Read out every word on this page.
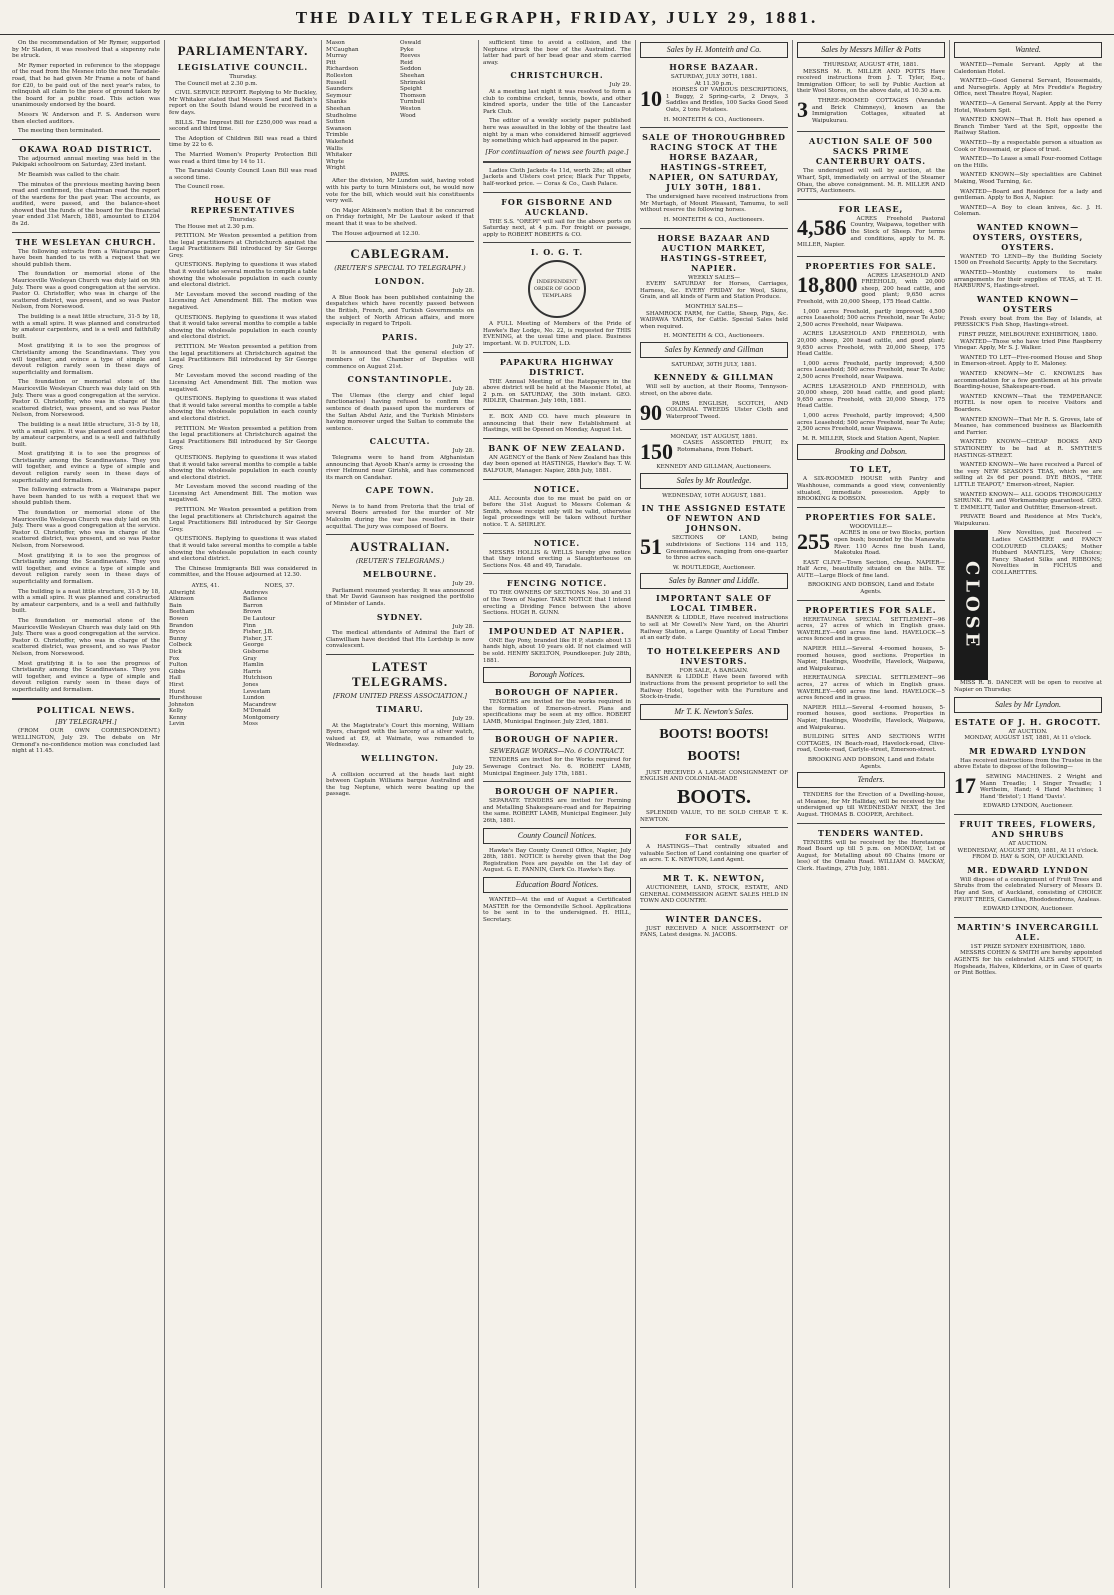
THE DAILY TELEGRAPH, FRIDAY, JULY 29, 1881.

On the recommendation of Mr Rymer, supported by Mr Sladen, it was resolved that a sixpenny rate be struck.

Mr Rymer reported in reference to the stoppage of the road from the Mesnee into the new Taradale-road, that he had given Mr Frame a note of hand for £20, to be paid out of the next year's rates, to relinquish all claim to the piece of ground taken by the board for a public road. This action was unanimously endorsed by the board.

Messrs W. Anderson and F. S. Anderson were then elected auditors.

The meeting then terminated.

OKAWA ROAD DISTRICT.

The adjourned annual meeting was held in the Pakipaki schoolroom on Saturday, 23rd instant.

Mr Beamish was called to the chair.

The minutes of the previous meeting having been read and confirmed, the chairman read the report of the wardens for the past year. The accounts, as audited, were passed, and the balance-sheet showed that the funds of the board for the financial year ended 31st March, 1881, amounted to £1204 8s 2d.

THE WESLEYAN CHURCH.

The following extracts from a Wairarapa paper have been handed to us with a request that we should publish them.

The foundation or memorial stone of the Mauriceville Wesleyan Church was duly laid on 9th July. There was a good congregation at the service. Pastor O. Christoffer, who was in charge of the scattered district, was present, and so was Pastor Nelson, from Norsewood.

The building is a neat little structure, 31-5 by 18, with a small spire. It was planned and constructed by amateur carpenters, and is a well and faithfully built.

Most gratifying it is to see the progress of Christianity among the Scandinavians. They you will together, and evince a type of simple and devout religion rarely seen in these days of superficiality and formalism.

The foundation or memorial stone of the Mauriceville Wesleyan Church was duly laid on 9th July. There was a good congregation at the service. Pastor O. Christoffer, who was in charge of the scattered district, was present, and so was Pastor Nelson, from Norsewood.

The building is a neat little structure, 31-5 by 18, with a small spire. It was planned and constructed by amateur carpenters, and is a well and faithfully built.

Most gratifying it is to see the progress of Christianity among the Scandinavians. They you will together, and evince a type of simple and devout religion rarely seen in these days of superficiality and formalism.

The following extracts from a Wairarapa paper have been handed to us with a request that we should publish them.

The foundation or memorial stone of the Mauriceville Wesleyan Church was duly laid on 9th July. There was a good congregation at the service. Pastor O. Christoffer, who was in charge of the scattered district, was present, and so was Pastor Nelson, from Norsewood.

Most gratifying it is to see the progress of Christianity among the Scandinavians. They you will together, and evince a type of simple and devout religion rarely seen in these days of superficiality and formalism.

The building is a neat little structure, 31-5 by 18, with a small spire. It was planned and constructed by amateur carpenters, and is a well and faithfully built.

The foundation or memorial stone of the Mauriceville Wesleyan Church was duly laid on 9th July. There was a good congregation at the service. Pastor O. Christoffer, who was in charge of the scattered district, was present, and so was Pastor Nelson, from Norsewood.

Most gratifying it is to see the progress of Christianity among the Scandinavians. They you will together, and evince a type of simple and devout religion rarely seen in these days of superficiality and formalism.

POLITICAL NEWS.
[BY TELEGRAPH.]

(FROM OUR OWN CORRESPONDENT.) WELLINGTON, July 29. The debate on Mr Ormond's no-confidence motion was concluded last night at 11.45.

PARLIAMENTARY.
LEGISLATIVE COUNCIL.
Thursday.

The Council met at 2.30 p.m.

CIVIL SERVICE REPORT. Replying to Mr Buckley, Mr Whitaker stated that Messrs Seed and Batkin's report on the South Island would be received in a few days.

BILLS. The Imprest Bill for £250,000 was read a second and third time.

The Adoption of Children Bill was read a third time by 22 to 6.

The Married Women's Property Protection Bill was read a third time by 14 to 11.

The Taranaki County Council Loan Bill was read a second time.

The Council rose.

HOUSE OF REPRESENTATIVES
Thursday.

The House met at 2.30 p.m.

PETITION. Mr Weston presented a petition from the legal practitioners at Christchurch against the Legal Practitioners Bill introduced by Sir George Grey.

QUESTIONS. Replying to questions it was stated that it would take several months to compile a table showing the wholesale population in each county and electoral district.

Mr Levestam moved the second reading of the Licensing Act Amendment Bill. The motion was negatived.

QUESTIONS. Replying to questions it was stated that it would take several months to compile a table showing the wholesale population in each county and electoral district.

PETITION. Mr Weston presented a petition from the legal practitioners at Christchurch against the Legal Practitioners Bill introduced by Sir George Grey.

Mr Levestam moved the second reading of the Licensing Act Amendment Bill. The motion was negatived.

QUESTIONS. Replying to questions it was stated that it would take several months to compile a table showing the wholesale population in each county and electoral district.

PETITION. Mr Weston presented a petition from the legal practitioners at Christchurch against the Legal Practitioners Bill introduced by Sir George Grey.

QUESTIONS. Replying to questions it was stated that it would take several months to compile a table showing the wholesale population in each county and electoral district.

Mr Levestam moved the second reading of the Licensing Act Amendment Bill. The motion was negatived.

PETITION. Mr Weston presented a petition from the legal practitioners at Christchurch against the Legal Practitioners Bill introduced by Sir George Grey.

QUESTIONS. Replying to questions it was stated that it would take several months to compile a table showing the wholesale population in each county and electoral district.

The Chinese Immigrants Bill was considered in committee, and the House adjourned at 12.30.

AYES, 41.	NOES, 37.
Allwright
Atkinson
Bain
Beetham
Bowen
Brandon
Bryce
Bunny
Colbeck
Dick
Fox
Fulton
Gibbs
Hall
Hirst
Hurst
Hursthouse
Johnston
Kelly
Kenny
Levin
Andrews
Ballance
Barron
Brown
De Lautour
Finn
Fisher, J.B.
Fisher, J.T.
George
Gisborne
Gray
Hamlin
Harris
Hutchison
Jones
Levestam
Lundon
Macandrew
M'Donald
Montgomery
Moss
Mason
M'Caughan
Murray
Pitt
Richardson
Rolleston
Russell
Saunders
Seymour
Shanks
Sheehan
Studholme
Sutton
Swanson
Trimble
Wakefield
Wallis
Whitaker
Whyte
Wright
Oswald
Pyke
Reeves
Reid
Seddon
Sheehan
Shrimski
Speight
Thomson
Turnbull
Weston
Wood
PAIRS.

After the division, Mr Lundon said, having voted with his party to turn Ministers out, he would now vote for the bill, which would suit his constituents very well.

On Major Atkinson's motion that it be concurred on Friday fortnight, Mr De Lautour asked if that meant that it was to be shelved.

The House adjourned at 12.30.

CABLEGRAM.
(REUTER'S SPECIAL TO TELEGRAPH.)
LONDON.
July 28.

A Blue Book has been published containing the despatches which have recently passed between the British, French, and Turkish Governments on the subject of North African affairs, and more especially in regard to Tripoli.

PARIS.
July 27.

It is announced that the general election of members of the Chamber of Deputies will commence on August 21st.

CONSTANTINOPLE.
July 28.

The Ulemas (the clergy and chief legal functionaries) having refused to confirm the sentence of death passed upon the murderers of the Sultan Abdul Aziz, and the Turkish Ministers having moreover urged the Sultan to commute the sentence.

CALCUTTA.
July 28.

Telegrams were to hand from Afghanistan announcing that Ayoob Khan's army is crossing the river Helmund near Girishk, and has commenced its march on Candahar.

CAPE TOWN.
July 28.

News is to hand from Pretoria that the trial of several Boers arrested for the murder of Mr Malcolm during the war has resulted in their acquittal. The jury was composed of Boers.

AUSTRALIAN.
(REUTER'S TELEGRAMS.)
MELBOURNE.
July 29.

Parliament resumed yesterday. It was announced that Mr David Gaunson has resigned the portfolio of Minister of Lands.

SYDNEY.
July 28.

The medical attendants of Admiral the Earl of Clanwilliam have decided that His Lordship is now convalescent.

LATEST TELEGRAMS.
[FROM UNITED PRESS ASSOCIATION.]
TIMARU.
July 29.

At the Magistrate's Court this morning, William Byers, charged with the larceny of a silver watch, valued at £9, at Waimate, was remanded to Wednesday.

WELLINGTON.
July 29.

A collision occurred at the heads last night between Captain Williams barque Australind and the tug Neptune, which were beating up the passage.

sufficient time to avoid a collision, and the Neptune struck the bow of the Australind. The latter had part of her bead gear and stem carried away.

CHRISTCHURCH.
July 29.

At a meeting last night it was resolved to form a club to combine cricket, tennis, bowls, and other kindred sports, under the title of the Lancaster Park Club.

The editor of a weekly society paper published here was assaulted in the lobby of the theatre last night by a man who considered himself aggrieved by something which had appeared in the paper.

[For continuation of news see fourth page.]

Ladies Cloth Jackets 4s 11d, worth 28s; all other Jackets and Ulsters cost price; Black Fur Tippets, half-worked price. — Coras & Co., Cash Palace.

FOR GISBORNE AND AUCKLAND.

THE S.S. "OREPI" will sail for the above ports on Saturday next, at 4 p.m. For freight or passage, apply to ROBERT ROBERTS & CO.

I. O. G. T.
INDEPENDENT ORDER OF GOOD TEMPLARS

A FULL Meeting of Members of the Pride of Hawke's Bay Lodge, No. 22, is requested for THIS EVENING, at the usual time and place. Business important. W. D. FULTON, L.D.

PAPAKURA HIGHWAY DISTRICT.

THE Annual Meeting of the Ratepayers in the above district will be held at the Masonic Hotel, at 2 p.m. on SATURDAY, the 30th instant. GEO. RIDLER, Chairman. July 16th, 1881.

E. BOX AND CO. have much pleasure in announcing that their new Establishment at Hastings, will be Opened on Monday, August 1st.

BANK OF NEW ZEALAND.

AN AGENCY of the Bank of New Zealand has this day been opened at HASTINGS, Hawke's Bay. T. W. BALFOUR, Manager. Napier, 28th July, 1881.

NOTICE.

ALL Accounts due to me must be paid on or before the 31st August to Messrs Coleman & Smith, whose receipt only will be valid, otherwise legal proceedings will be taken without further notice. T. A. SHIRLEY.

NOTICE.

MESSRS HOLLIS & WELLS hereby give notice that they intend erecting a Slaughterhouse on Sections Nos. 48 and 49, Taradale.

FENCING NOTICE.

TO THE OWNERS OF SECTIONS Nos. 30 and 31 of the Town of Napier. TAKE NOTICE that I intend erecting a Dividing Fence between the above Sections. HUGH R. GUNN.

IMPOUNDED AT NAPIER.

ONE Bay Pony, branded like H P, stands about 13 hands high, about 10 years old. If not claimed will be sold. HENRY SKELTON, Poundkeeper. July 28th, 1881.

Borough Notices.
BOROUGH OF NAPIER.

TENDERS are invited for the works required in the formation of Emerson-street. Plans and specifications may be seen at my office. ROBERT LAMB, Municipal Engineer. July 23rd, 1881.

BOROUGH OF NAPIER.
SEWERAGE WORKS—No. 6 CONTRACT.

TENDERS are invited for the Works required for Sewerage Contract No. 6. ROBERT LAMB, Municipal Engineer. July 17th, 1881.

BOROUGH OF NAPIER.

SEPARATE TENDERS are invited for Forming and Metalling Shakespeare-road and for Repairing the same. ROBERT LAMB, Municipal Engineer. July 26th, 1881.

County Council Notices.

Hawke's Bay County Council Office, Napier, July 28th, 1881. NOTICE is hereby given that the Dog Registration Fees are payable on the 1st day of August. G. E. FANNIN, Clerk Co. Hawke's Bay.

Education Board Notices.

WANTED—At the end of August a Certificated MASTER for the Ormondville School. Applications to be sent in to the undersigned. H. HILL, Secretary.

Sales by H. Monteith and Co.
HORSE BAZAAR.
SATURDAY, JULY 30TH, 1881.
At 11.30 p.m.
10	HORSES OF VARIOUS DESCRIPTIONS, 1 Buggy, 2 Spring-carts, 2 Drays, 3 Saddles and Bridles, 100 Sacks Good Seed Oats, 2 tons Potatoes.

H. MONTEITH & CO., Auctioneers.
SALE OF THOROUGHBRED RACING STOCK AT THE HORSE BAZAAR, HASTINGS-STREET, NAPIER, ON SATURDAY, JULY 30TH, 1881.

The undersigned have received instructions from Mr Murtagh, of Mount Pleasant, Tamumu, to sell without reserve the following horses.

H. MONTEITH & CO., Auctioneers.
HORSE BAZAAR AND AUCTION MARKET, HASTINGS-STREET, NAPIER.
WEEKLY SALES—

EVERY SATURDAY for Horses, Carriages, Harness, &c. EVERY FRIDAY for Wool, Skins, Grain, and all kinds of Farm and Station Produce.

MONTHLY SALES—

SHAMROCK FARM, for Cattle, Sheep, Pigs, &c. WAIPAWA YARDS, for Cattle. Special Sales held when required.

H. MONTEITH & CO., Auctioneers.
Sales by Kennedy and Gillman
SATURDAY, 30TH JULY, 1881.
KENNEDY & GILLMAN

Will sell by auction, at their Rooms, Tennyson-street, on the above date.

90	PAIRS ENGLISH, SCOTCH, AND COLONIAL TWEEDS Ulster Cloth and Waterproof Tweed.

MONDAY, 1ST AUGUST, 1881.
150	CASES ASSORTED FRUIT, Ex Rotomahana, from Hobart.

KENNEDY AND GILLMAN, Auctioneers.
Sales by Mr Routledge.
WEDNESDAY, 10TH AUGUST, 1881.
IN THE ASSIGNED ESTATE OF NEWTON AND JOHNSON.
51	SECTIONS OF LAND, being subdivisions of Sections 114 and 115, Greenmeadows, ranging from one-quarter to three acres each.

W. ROUTLEDGE, Auctioneer.
Sales by Banner and Liddle.
IMPORTANT SALE OF LOCAL TIMBER.

BANNER & LIDDLE, Have received instructions to sell at Mr Cowell's New Yard, on the Ahuriri Railway Station, a Large Quantity of Local Timber at an early date.

TO HOTELKEEPERS AND INVESTORS.
FOR SALE, A BARGAIN.

BANNER & LIDDLE Have been favored with instructions from the present proprietor to sell the Railway Hotel, together with the Furniture and Stock-in-trade.

Mr T. K. Newton's Sales.
BOOTS! BOOTS! BOOTS!

JUST RECEIVED A LARGE CONSIGNMENT OF ENGLISH AND COLONIAL-MADE

BOOTS.

SPLENDID VALUE, TO BE SOLD CHEAP. T. K. NEWTON.

FOR SALE,

A HASTINGS—That centrally situated and valuable Section of Land containing one quarter of an acre. T. K. NEWTON, Land Agent.

MR T. K. NEWTON,

AUCTIONEER, LAND, STOCK, ESTATE, AND GENERAL COMMISSION AGENT. SALES HELD IN TOWN AND COUNTRY.

WINTER DANCES.

JUST RECEIVED A NICE ASSORTMENT OF FANS, Latest designs. N. JACOBS.

Sales by Messrs Miller & Potts
THURSDAY, AUGUST 4TH, 1881.

MESSRS M. R. MILLER AND POTTS Have received instructions from J. T. Tyler, Esq., Immigration Officer, to sell by Public Auction at their Wool Stores, on the above date, at 10.30 a.m.

3	THREE-ROOMED COTTAGES (Verandah and Brick Chimneys), known as the Immigration Cottages, situated at Waipukurau.

AUCTION SALE OF 500 SACKS PRIME CANTERBURY OATS.

The undersigned will sell by auction, at the Wharf, Spit, immediately on arrival of the Steamer Ohau, the above consignment. M. R. MILLER AND POTTS, Auctioneers.

FOR LEASE,
4,586	ACRES Freehold Pastoral Country, Waipawa, together with the Stock of Sheep. For terms and conditions, apply to M. R. MILLER, Napier.

PROPERTIES FOR SALE.
18,800	ACRES LEASEHOLD AND FREEHOLD, with 20,000 sheep, 200 head cattle, and good plant; 9,650 acres Freehold, with 20,000 Sheep, 175 Head Cattle.

1,000 acres Freehold, partly improved; 4,500 acres Leasehold; 500 acres Freehold, near Te Aute; 2,500 acres Freehold, near Waipawa.

ACRES LEASEHOLD AND FREEHOLD, with 20,000 sheep, 200 head cattle, and good plant; 9,650 acres Freehold, with 20,000 Sheep, 175 Head Cattle.

1,000 acres Freehold, partly improved; 4,500 acres Leasehold; 500 acres Freehold, near Te Aute; 2,500 acres Freehold, near Waipawa.

ACRES LEASEHOLD AND FREEHOLD, with 20,000 sheep, 200 head cattle, and good plant; 9,650 acres Freehold, with 20,000 Sheep, 175 Head Cattle.

1,000 acres Freehold, partly improved; 4,500 acres Leasehold; 500 acres Freehold, near Te Aute; 2,500 acres Freehold, near Waipawa.

M. R. MILLER, Stock and Station Agent, Napier.
Brooking and Dobson.
TO LET,

A SIX-ROOMED HOUSE with Pantry and Washhouse, commands a good view, conveniently situated, immediate possession. Apply to BROOKING & DOBSON.

PROPERTIES FOR SALE.
WOODVILLE—
255	ACRES in one or two Blocks, portion open bush; bounded by the Manawatu River. 110 Acres fine bush Land, Makotuku Road.

EAST CLIVE—Town Section, cheap. NAPIER—Half Acre, beautifully situated on the hills. TE AUTE—Large Block of fine land.

BROOKING AND DOBSON, Land and Estate Agents.
PROPERTIES FOR SALE.

HERETAUNGA SPECIAL SETTLEMENT—96 acres, 27 acres of which in English grass. WAVERLEY—460 acres fine land. HAVELOCK—5 acres fenced and in grass.

NAPIER HILL—Several 4-roomed houses, 5-roomed houses, good sections. Properties in Napier, Hastings, Woodville, Havelock, Waipawa, and Waipukurau.

HERETAUNGA SPECIAL SETTLEMENT—96 acres, 27 acres of which in English grass. WAVERLEY—460 acres fine land. HAVELOCK—5 acres fenced and in grass.

NAPIER HILL—Several 4-roomed houses, 5-roomed houses, good sections. Properties in Napier, Hastings, Woodville, Havelock, Waipawa, and Waipukurau.

BUILDING SITES AND SECTIONS WITH COTTAGES, IN Beach-road, Havelock-road, Clive-road, Coote-road, Carlyle-street, Emerson-street.

BROOKING AND DOBSON, Land and Estate Agents.
Tenders.

TENDERS for the Erection of a Dwelling-house, at Meanee, for Mr Halliday, will be received by the undersigned up till WEDNESDAY NEXT, the 3rd August. THOMAS B. COOPER, Architect.

TENDERS WANTED.

TENDERS will be received by the Heretaunga Road Board up till 5 p.m. on MONDAY, 1st of August, for Metalling about 60 Chains (more or less) of the Omahu Road. WILLIAM O. MACKAY, Clerk. Hastings, 27th July, 1881.

Wanted.

WANTED—Female Servant. Apply at the Caledonian Hotel.

WANTED—Good General Servant, Housemaids, and Nursegirls. Apply at Mrs Freddie's Registry Office, next Theatre Royal, Napier.

WANTED—A General Servant. Apply at the Ferry Hotel, Western Spit.

WANTED KNOWN—That R. Holt has opened a Branch Timber Yard at the Spit, opposite the Railway Station.

WANTED—By a respectable person a situation as Cook or Housemaid, or place of trust.

WANTED—To Lease a small Four-roomed Cottage on the Hills.

WANTED KNOWN—Sly specialities are Cabinet Making, Wood Turning, &c.

WANTED—Board and Residence for a lady and gentleman. Apply to Box A, Napier.

WANTED—A Boy to clean knives, &c. J. H. Coleman.

WANTED KNOWN—OYSTERS, OYSTERS, OYSTERS.

WANTED TO LEND—By the Building Society 1500 on Freehold Security. Apply to the Secretary.

WANTED—Monthly customers to make arrangements for their supplies of TEAS, at T. H. HARBURN'S, Hastings-street.

WANTED KNOWN—OYSTERS

Fresh every boat from the Bay of Islands, at PRESSICK'S Fish Shop, Hastings-street.

FIRST PRIZE, MELBOURNE EXHIBITION, 1880.

WANTED—Those who have tried Pine Raspberry Vinegar. Apply, Mr S. J. Walker.

WANTED TO LET—Five-roomed House and Shop in Emerson-street. Apply to E. Maloney.

WANTED KNOWN—Mr C. KNOWLES has accommodation for a few gentlemen at his private Boarding-house, Shakespeare-road.

WANTED KNOWN—That the TEMPERANCE HOTEL is now open to receive Visitors and Boarders.

WANTED KNOWN—That Mr R. S. Groves, late of Meanee, has commenced business as Blacksmith and Farrier.

WANTED KNOWN—CHEAP BOOKS AND STATIONERY to be had at R. SMYTHE'S HASTINGS-STREET.

WANTED KNOWN—We have received a Parcel of the very NEW SEASON'S TEAS, which we are selling at 2s 6d per pound. DYE BROS., "THE LITTLE TEAPOT," Emerson-street, Napier.

WANTED KNOWN— ALL GOODS THOROUGHLY SHRUNK. Fit and Workmanship guaranteed. GEO. T. EMMELTT, Tailor and Outfitter, Emerson-street.

PRIVATE Board and Residence at Mrs Tuck's, Waipukurau.

CLOSE

New Novelties, just Received — Ladies CASHMERE and FANCY COLOURED CLOAKS; Mother Hubbard MANTLES, Very Choice; Fancy Shaded Silks and RIBBONS; Novelties in FICHUS and COLLARETTES.

MISS R. B. DANCER will be open to receive at Napier on Thursday.

Sales by Mr Lyndon.
ESTATE OF J. H. GROCOTT.
AT AUCTION.
MONDAY, AUGUST 1ST, 1881, At 11 o'clock.
MR EDWARD LYNDON

Has received instructions from the Trustee in the above Estate to dispose of the following—

17	SEWING MACHINES. 2 Wright and Mann Treadle; 1 Singer Treadle; 1 Wertheim, Hand; 4 Hand Machines; 1 Hand 'Bristol'; 1 Hand 'Davis'.

EDWARD LYNDON, Auctioneer.
FRUIT TREES, FLOWERS, AND SHRUBS
AT AUCTION.
WEDNESDAY, AUGUST 3RD, 1881, At 11 o'clock.
FROM D. HAY & SON, OF AUCKLAND.
MR. EDWARD LYNDON

Will dispose of a consignment of Fruit Trees and Shrubs from the celebrated Nursery of Messrs D. Hay and Son, of Auckland, consisting of CHOICE FRUIT TREES, Camellias, Rhododendrons, Azaleas.

EDWARD LYNDON, Auctioneer.
MARTIN'S INVERCARGILL ALE.
1ST PRIZE SYDNEY EXHIBITION, 1880.

MESSRS COHEN & SMITH are hereby appointed AGENTS for his celebrated ALES and STOUT, in Hogsheads, Halves, Kilderkins, or in Case of quarts or Pint Bottles.
